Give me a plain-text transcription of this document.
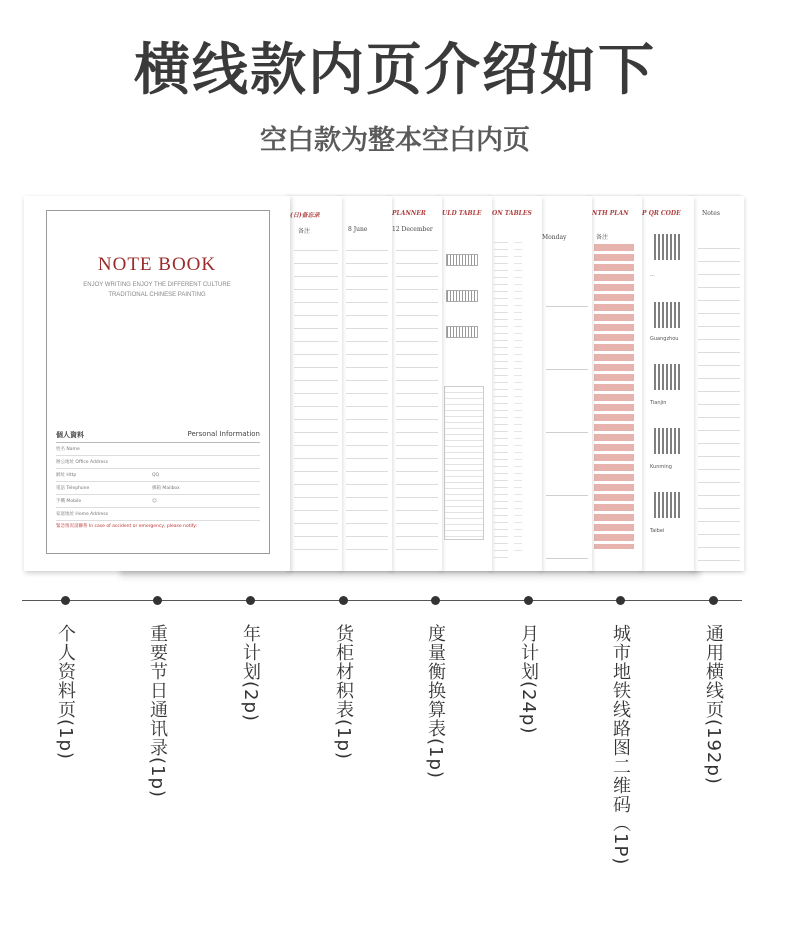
横线款内页介绍如下
空白款为整本空白内页
Notes
P QR CODE
...
Guangzhou
Tianjin
Kunming
Taibei
NTH PLAN
备注
Monday
ON TABLES
ULD TABLE
PLANNER
12 December
8 June
(日)备忘录
备注
NOTE BOOK
ENJOY WRITING ENJOY THE DIFFERENT CULTURE
TRADITIONAL CHINESE PAINTING
個人資料	Personal Information
姓名 Name
辦公地址 Office Address
網址 Http	QQ
電話 Telephone	郵箱 Mailbox
手機 Mobile	☺
家庭地址 Home Address
緊急情况請聯系 In case of accident or emergency, please notify:
个人资料页(1p)	重要节日通讯录(1p)	年计划(2p)	货柜材积表(1p)	度量衡换算表(1p)	月计划(24p)	城市地铁线路图二维码（1P)	通用横线页(192p)
